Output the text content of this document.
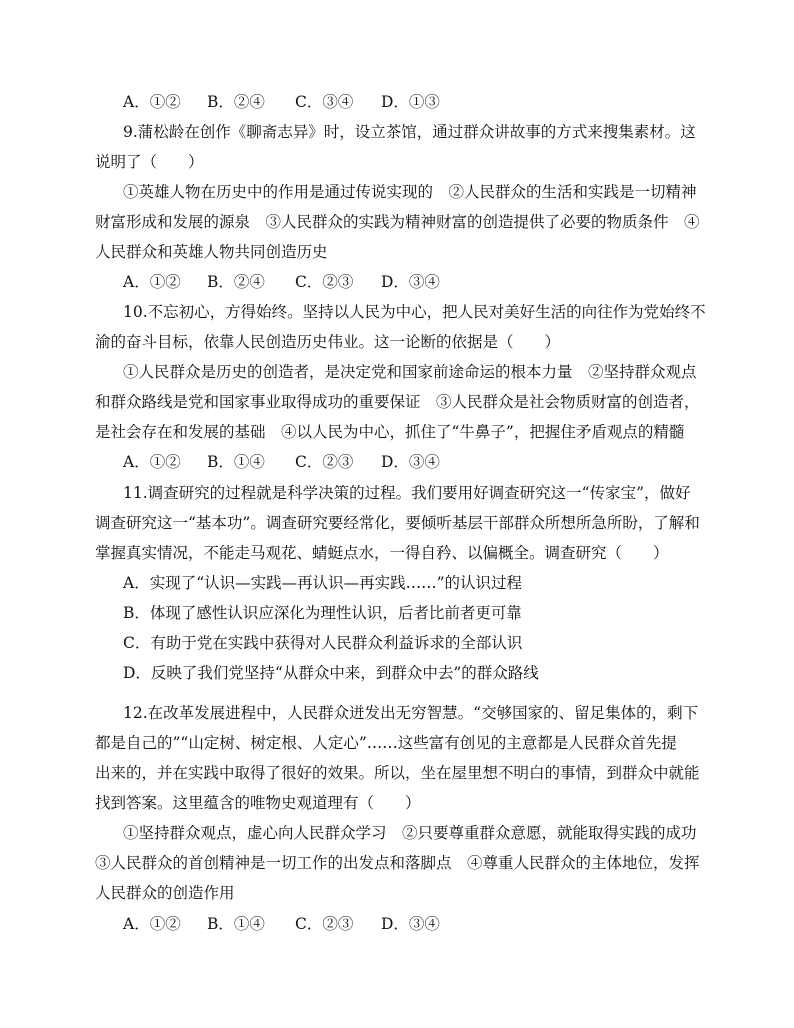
A．①② B．②④ C．③④ D．①③
9.蒲松龄在创作《聊斋志异》时，设立茶馆，通过群众讲故事的方式来搜集素材。这
说明了（　　）
①英雄人物在历史中的作用是通过传说实现的　②人民群众的生活和实践是一切精神
财富形成和发展的源泉　③人民群众的实践为精神财富的创造提供了必要的物质条件　④
人民群众和英雄人物共同创造历史
A．①② B．②④ C．②③ D．③④
10.不忘初心，方得始终。坚持以人民为中心，把人民对美好生活的向往作为党始终不
渝的奋斗目标，依靠人民创造历史伟业。这一论断的依据是（　　）
①人民群众是历史的创造者，是决定党和国家前途命运的根本力量　②坚持群众观点
和群众路线是党和国家事业取得成功的重要保证　③人民群众是社会物质财富的创造者，
是社会存在和发展的基础　④以人民为中心，抓住了“牛鼻子”，把握住矛盾观点的精髓
A．①② B．①④ C．②③ D．③④
11.调查研究的过程就是科学决策的过程。我们要用好调查研究这一“传家宝”，做好
调查研究这一“基本功”。调查研究要经常化，要倾听基层干部群众所想所急所盼，了解和
掌握真实情况，不能走马观花、蜻蜓点水，一得自矜、以偏概全。调查研究（　　）
A．实现了“认识—实践—再认识—再实践……”的认识过程
B．体现了感性认识应深化为理性认识，后者比前者更可靠
C．有助于党在实践中获得对人民群众利益诉求的全部认识
D．反映了我们党坚持“从群众中来，到群众中去”的群众路线
12.在改革发展进程中，人民群众迸发出无穷智慧。“交够国家的、留足集体的，剩下
都是自己的”“山定树、树定根、人定心”……这些富有创见的主意都是人民群众首先提
出来的，并在实践中取得了很好的效果。所以，坐在屋里想不明白的事情，到群众中就能
找到答案。这里蕴含的唯物史观道理有（　　）
①坚持群众观点，虚心向人民群众学习　②只要尊重群众意愿，就能取得实践的成功
③人民群众的首创精神是一切工作的出发点和落脚点　④尊重人民群众的主体地位，发挥
人民群众的创造作用
A．①② B．①④ C．②③ D．③④
